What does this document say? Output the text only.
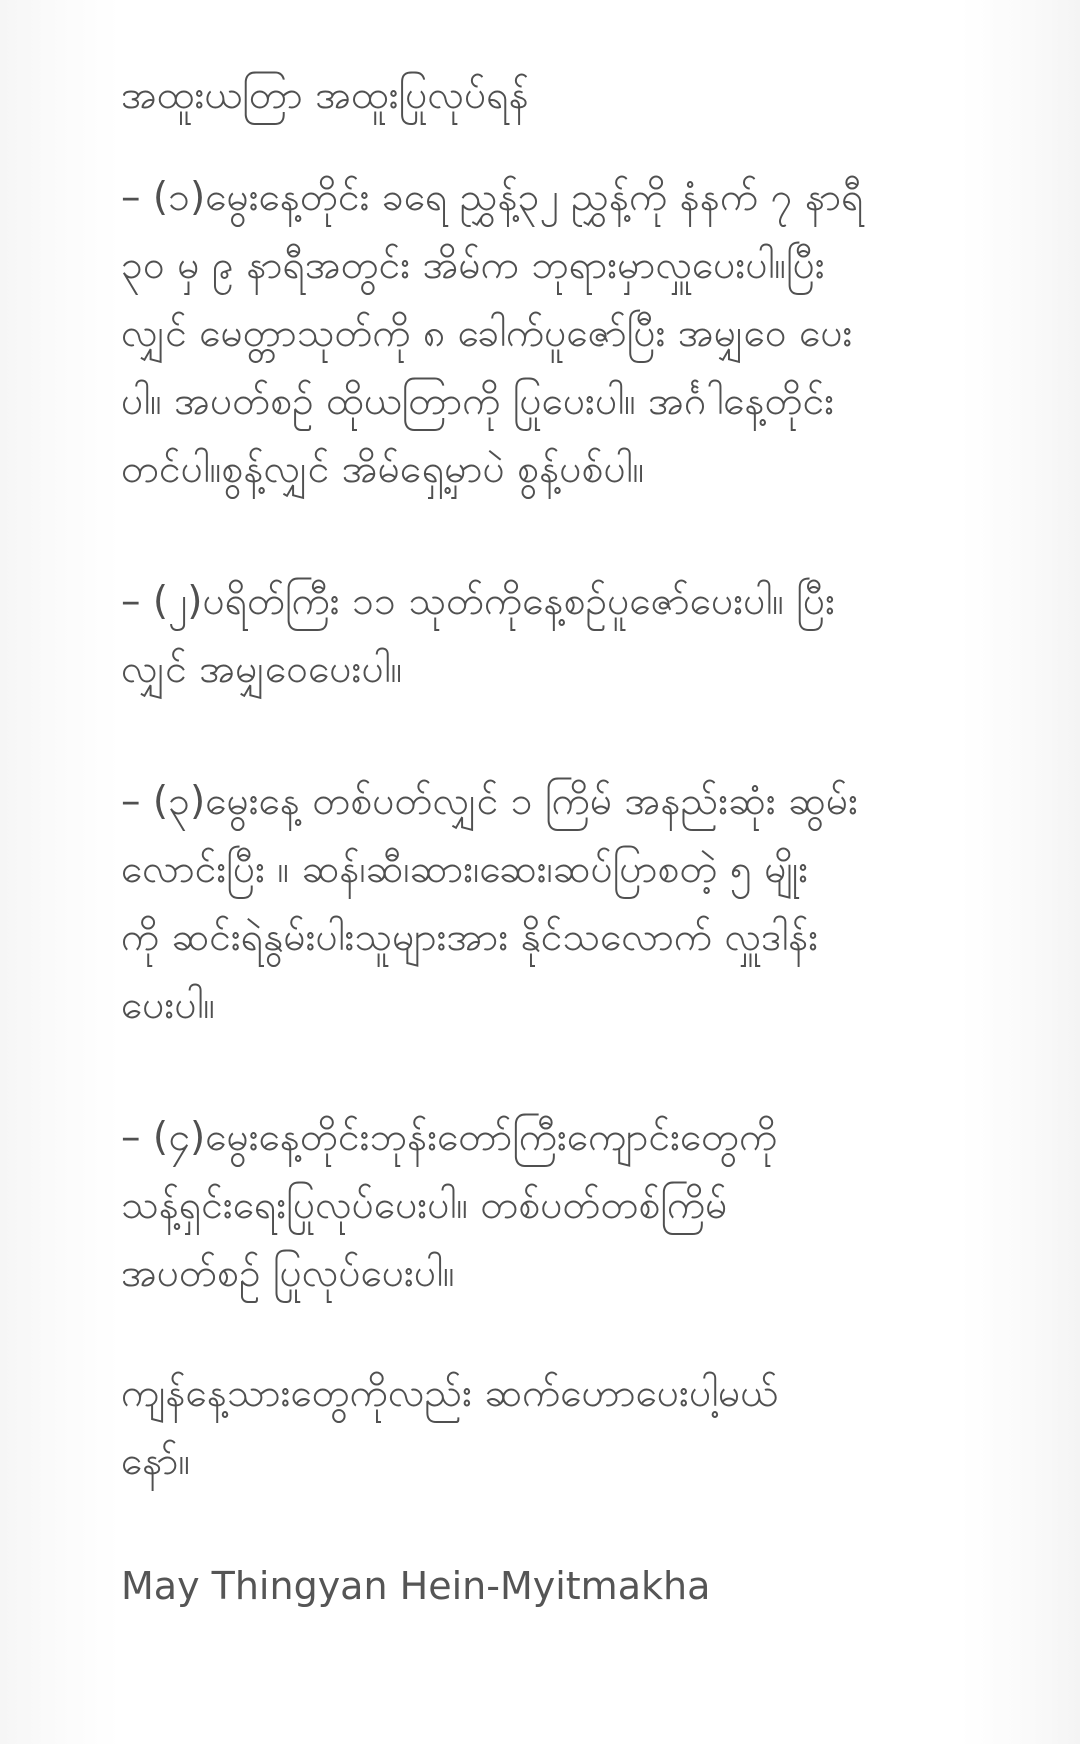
အထူးယတြာ အထူးပြုလုပ်ရန်
– (၁)မွေးနေ့တိုင်း ခရေ ညွှန့်၃၂ ညွှန့်ကို နံနက် ၇ နာရီ
၃၀ မှ ၉ နာရီအတွင်း အိမ်က ဘုရားမှာလှူပေးပါ။ပြီး
လျှင် မေတ္တာသုတ်ကို ၈ ခေါက်ပူဇော်ပြီး အမျှဝေ ပေး
ပါ။ အပတ်စဉ် ထိုယတြာကို ပြုပေးပါ။ အင်္ဂါနေ့တိုင်း
တင်ပါ။စွန့်လျှင် အိမ်ရှေ့မှာပဲ စွန့်ပစ်ပါ။
– (၂)ပရိတ်ကြီး ၁၁ သုတ်ကိုနေ့စဉ်ပူဇော်ပေးပါ။ ပြီး
လျှင် အမျှဝေပေးပါ။
– (၃)မွေးနေ့ တစ်ပတ်လျှင် ၁ ကြိမ် အနည်းဆုံး ဆွမ်း
လောင်းပြီး ။ ဆန်၊ဆီ၊ဆား၊ဆေး၊ဆပ်ပြာစတဲ့ ၅ မျိုး
ကို ဆင်းရဲနွမ်းပါးသူများအား နိုင်သလောက် လှူဒါန်း
ပေးပါ။
– (၄)မွေးနေ့တိုင်းဘုန်းတော်ကြီးကျောင်းတွေကို
သန့်ရှင်းရေးပြုလုပ်ပေးပါ။ တစ်ပတ်တစ်ကြိမ်
အပတ်စဉ် ပြုလုပ်ပေးပါ။
ကျန်နေ့သားတွေကိုလည်း ဆက်ဟောပေးပါ့မယ်
နော်။
May Thingyan Hein-Myitmakha
